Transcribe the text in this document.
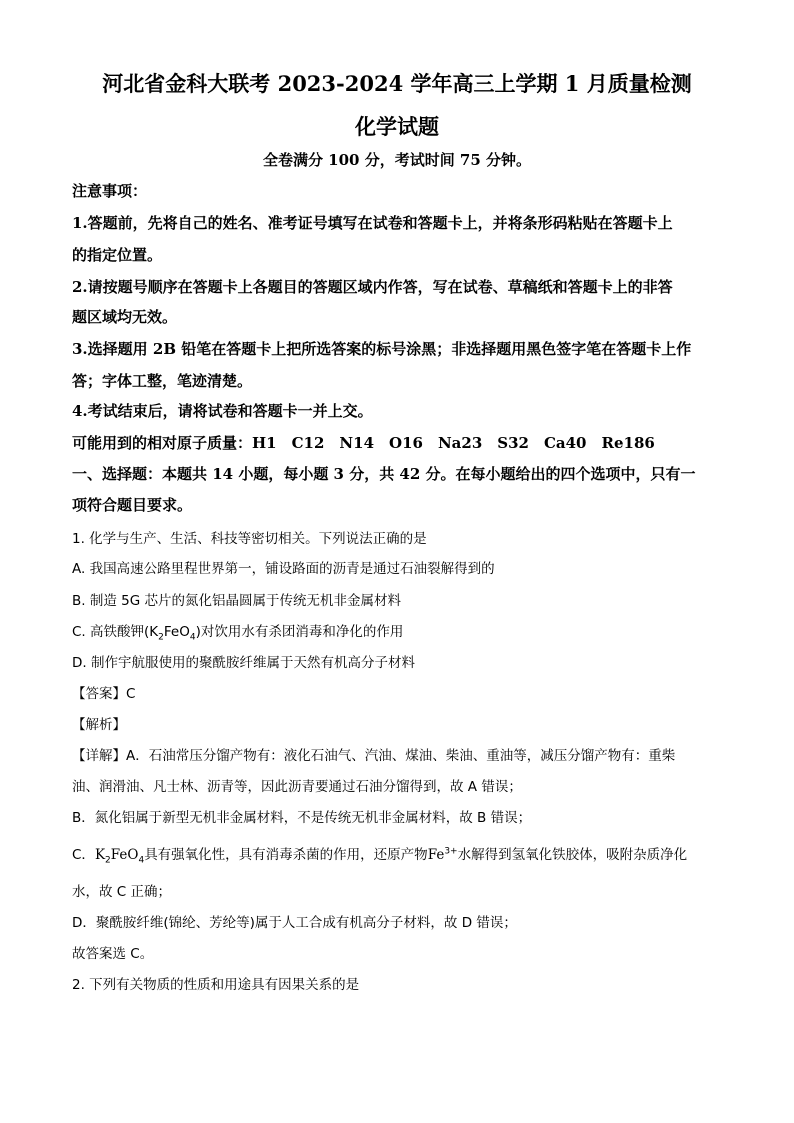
河北省金科大联考 2023-2024 学年高三上学期 1 月质量检测
化学试题
全卷满分 100 分，考试时间 75 分钟。
注意事项：
1.答题前，先将自己的姓名、准考证号填写在试卷和答题卡上，并将条形码粘贴在答题卡上
的指定位置。
2.请按题号顺序在答题卡上各题目的答题区域内作答，写在试卷、草稿纸和答题卡上的非答
题区域均无效。
3.选择题用 2B 铅笔在答题卡上把所选答案的标号涂黑；非选择题用黑色签字笔在答题卡上作
答；字体工整，笔迹清楚。
4.考试结束后，请将试卷和答题卡一并上交。
可能用到的相对原子质量：H1　C12　N14　O16　Na23　S32　Ca40　Re186
一、选择题：本题共 14 小题，每小题 3 分，共 42 分。在每小题给出的四个选项中，只有一
项符合题目要求。
1. 化学与生产、生活、科技等密切相关。下列说法正确的是
A. 我国高速公路里程世界第一，铺设路面的沥青是通过石油裂解得到的
B. 制造 5G 芯片的氮化铝晶圆属于传统无机非金属材料
C. 高铁酸钾$(K_2FeO_4)$对饮用水有杀团消毒和净化的作用
D. 制作宇航服使用的聚酰胺纤维属于天然有机高分子材料
【答案】C
【解析】
【详解】A．石油常压分馏产物有：液化石油气、汽油、煤油、柴油、重油等，减压分馏产物有：重柴
油、润滑油、凡士林、沥青等，因此沥青要通过石油分馏得到，故 A 错误；
B．氮化铝属于新型无机非金属材料，不是传统无机非金属材料，故 B 错误；
C．$K_2FeO_4$具有强氧化性，具有消毒杀菌的作用，还原产物$Fe^{3+}$水解得到氢氧化铁胶体，吸附杂质净化
水，故 C 正确；
D．聚酰胺纤维(锦纶、芳纶等)属于人工合成有机高分子材料，故 D 错误；
故答案选 C。
2. 下列有关物质的性质和用途具有因果关系的是
